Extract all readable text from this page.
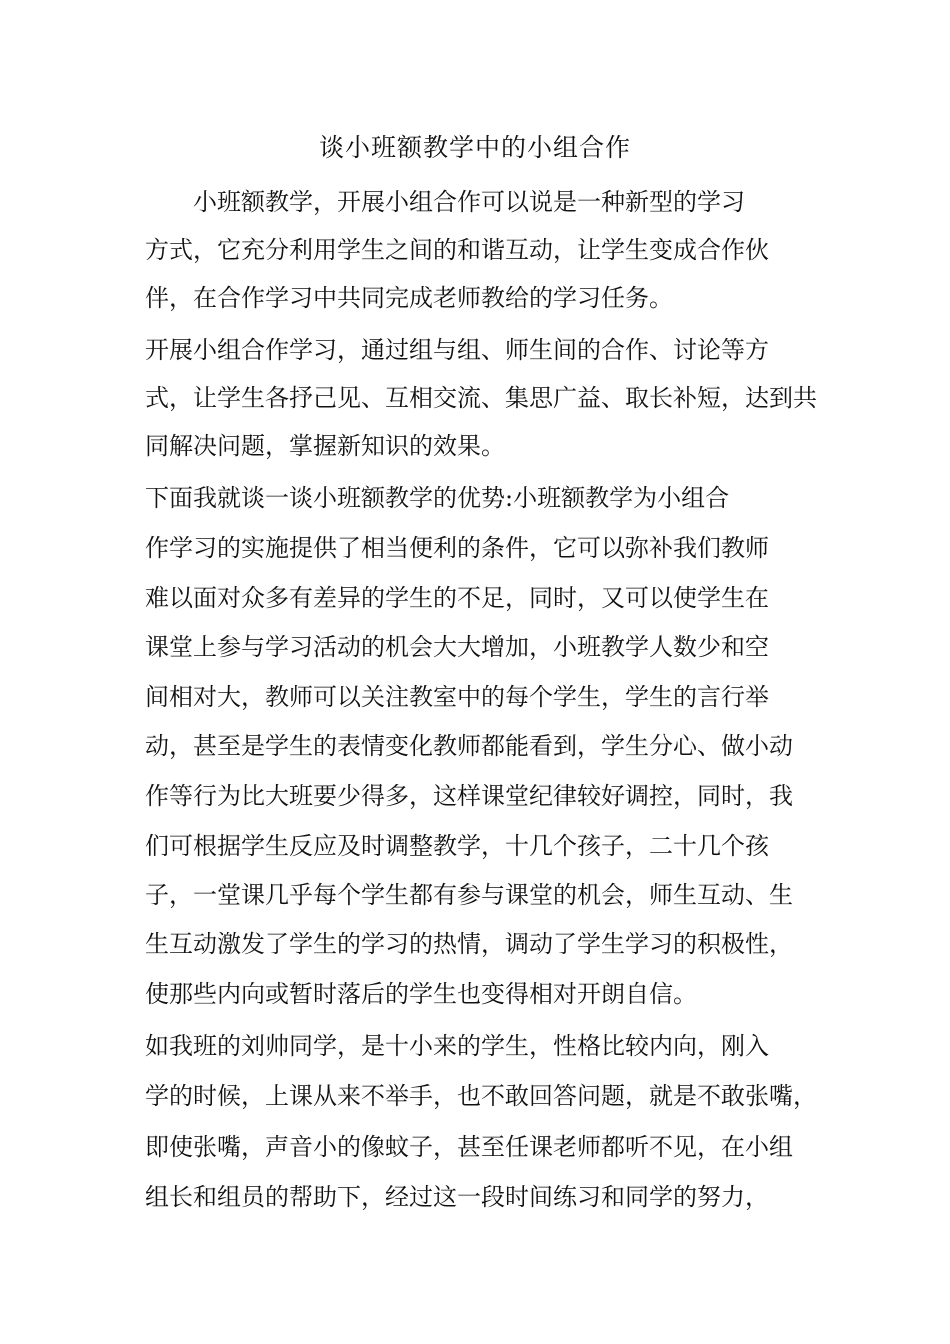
谈小班额教学中的小组合作
　　小班额教学，开展小组合作可以说是一种新型的学习
方式，它充分利用学生之间的和谐互动，让学生变成合作伙
伴，在合作学习中共同完成老师教给的学习任务。
开展小组合作学习，通过组与组、师生间的合作、讨论等方
式，让学生各抒己见、互相交流、集思广益、取长补短，达到共
同解决问题，掌握新知识的效果。
下面我就谈一谈小班额教学的优势:小班额教学为小组合
作学习的实施提供了相当便利的条件，它可以弥补我们教师
难以面对众多有差异的学生的不足，同时，又可以使学生在
课堂上参与学习活动的机会大大增加，小班教学人数少和空
间相对大，教师可以关注教室中的每个学生，学生的言行举
动，甚至是学生的表情变化教师都能看到，学生分心、做小动
作等行为比大班要少得多，这样课堂纪律较好调控，同时，我
们可根据学生反应及时调整教学，十几个孩子，二十几个孩
子，一堂课几乎每个学生都有参与课堂的机会，师生互动、生
生互动激发了学生的学习的热情，调动了学生学习的积极性，
使那些内向或暂时落后的学生也变得相对开朗自信。
如我班的刘帅同学，是十小来的学生，性格比较内向，刚入
学的时候，上课从来不举手，也不敢回答问题，就是不敢张嘴，
即使张嘴，声音小的像蚊子，甚至任课老师都听不见，在小组
组长和组员的帮助下，经过这一段时间练习和同学的努力，
